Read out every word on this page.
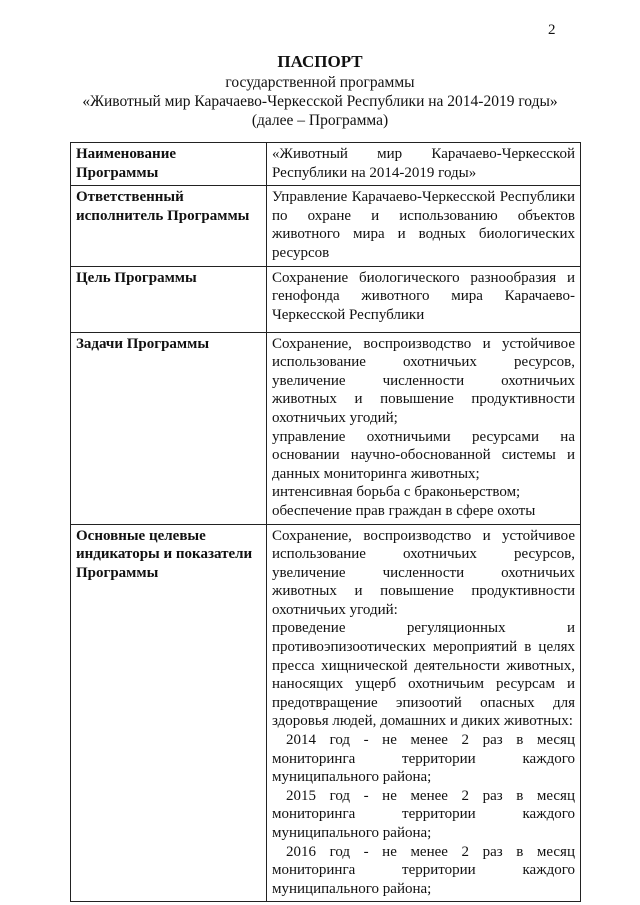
2
ПАСПОРТ
государственной программы
«Животный мир Карачаево-Черкесской Республики на 2014-2019 годы»
(далее – Программа)
Наименование Программы	«Животный мир Карачаево-Черкесской Республики на 2014-2019 годы»

Ответственный исполнитель Программы	Управление Карачаево-Черкесской Республики по охране и использованию объектов животного мира и водных биологических ресурсов

Цель Программы	Сохранение биологического разнообразия и генофонда животного мира Карачаево-Черкесской Республики

Задачи Программы	Сохранение, воспроизводство и устойчивое использование охотничьих ресурсов, увеличение численности охотничьих животных и повышение продуктивности охотничьих угодий;

управление охотничьими ресурсами на основании научно-обоснованной системы и данных мониторинга животных;

интенсивная борьба с браконьерством;

обеспечение прав граждан в сфере охоты

Основные целевые индикаторы и показатели Программы	Сохранение, воспроизводство и устойчивое использование охотничьих ресурсов, увеличение численности охотничьих животных и повышение продуктивности охотничьих угодий:

проведение регуляционных и противоэпизоотических мероприятий в целях пресса хищнической деятельности животных, наносящих ущерб охотничьим ресурсам и предотвращение эпизоотий опасных для здоровья людей, домашних и диких животных:

2014 год - не менее 2 раз в месяц мониторинга территории каждого муниципального района;

2015 год - не менее 2 раз в месяц мониторинга территории каждого муниципального района;

2016 год - не менее 2 раз в месяц мониторинга территории каждого муниципального района;
